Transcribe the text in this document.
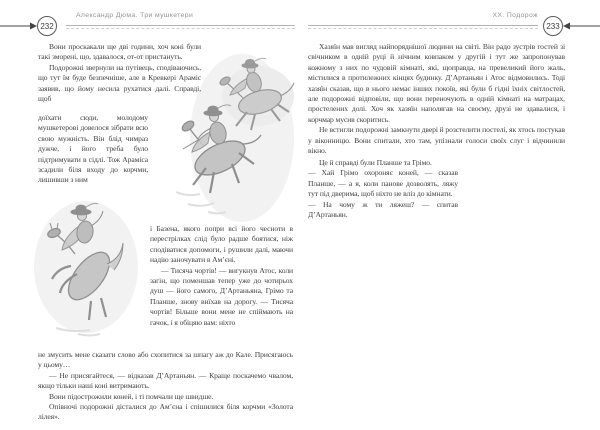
232
Александр Дюма. Три мушкетери

Вони проскакали ще дві години, хоч коні були такі зморені, що, здавалося, от-от пристануть.

Подорожні звернули на путівець, сподіваючись, що тут їм буде безпечніше, але в Кревкері Араміс заявив, що йому несила рухатися далі. Справді, щоб

доїхати сюди, молодому мушкетерові довелося зібрати всю свою мужність. Він блід чимраз дужче, і його треба було підтримувати в сідлі. Тож Араміса зсадили біля входу до корчми, лишивши з ним

і Базена, якого попри всі його чесноти в перестрілках слід було радше боятися, ніж сподіватися допомоги, і рушили далі, маючи надію заночувати в Ам’єні.

— Тисяча чортів! — вигукнув Атос, коли загін, що поменшав тепер уже до чотирьох душ — його самого, Д’Артаньяна, Грімо та Планше, знову виїхав на дорогу. — Тисяча чортів! Більше вони мене не спіймають на гачок, і я обіцяю вам: ніхто

не змусить мене сказати слово або схопитися за шпагу аж до Кале. Присягаюсь у цьому…

— Не присягайтеся, — відказав Д’Артаньян. — Краще поскачемо чвалом, якщо тільки наші коні витримають.

Вони підострожили коней, і ті помчали ще швидше.

Опівночі подорожні дісталися до Ам’єна і спішилися біля корчми «Золота лілея».

ХХ. Подорож
233

Хазяїн мав вигляд найпоряднішої людини на світі. Він радо зустрів гостей зі свічником в одній руці й нічним ковпаком у другій і тут же запропонував кожному з них по чудовій кімнаті, які, щоправда, на превеликий його жаль, містилися в протилежних кінцях будинку. Д’Артаньян і Атос відмовились. Тоді хазяїн сказав, що в нього немає інших покоїв, які були б гідні їхніх світлостей, але подорожні відповіли, що вони переночують в одній кімнаті на матрацах, простелених долі. Хоч як хазяїн наполягав на своєму, друзі не здавалися, і корчмар мусив скоритись.

Не встигли подорожні замкнути двері й розстелити постелі, як хтось постукав у віконницю. Вони спитали, хто там, упізнали голоси своїх слуг і відчинили вікно.

Це й справді були Планше та Грімо.

— Хай Грімо охороняє коней, — сказав Планше, — а я, коли панове дозволять, ляжу тут під дверима, щоб ніхто не вліз до кімнати.

— На чому ж ти ляжеш? — спитав Д’Артаньян.
